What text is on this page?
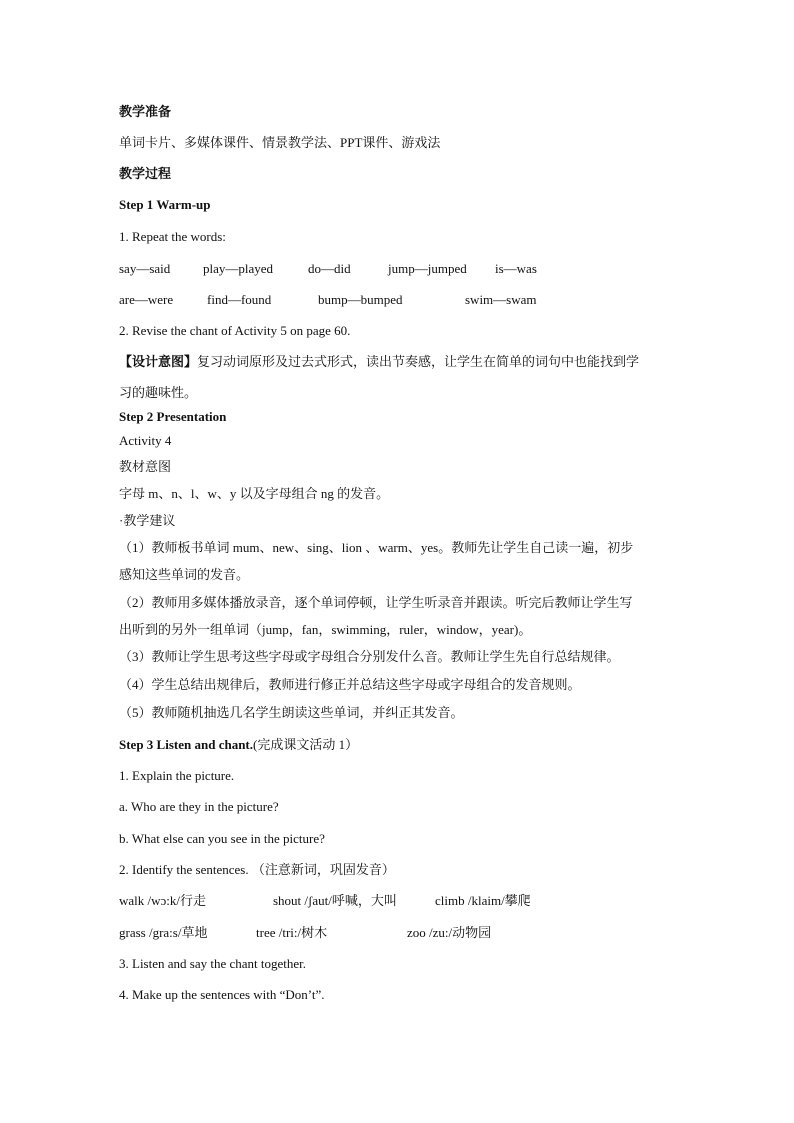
教学准备
单词卡片、多媒体课件、情景教学法、PPT课件、游戏法
教学过程
Step 1 Warm-up
1. Repeat the words:
say—said	play—played	do—did	jump—jumped is—was
are—were	find—found	bump—bumped	swim—swam
2. Revise the chant of Activity 5 on page 60.
【设计意图】复习动词原形及过去式形式，读出节奏感，让学生在简单的词句中也能找到学
习的趣味性。
Step 2 Presentation
Activity 4
教材意图
字母 m、n、l、w、y 以及字母组合 ng 的发音。
·教学建议
（1）教师板书单词 mum、new、sing、lion 、warm、yes。教师先让学生自己读一遍，初步
感知这些单词的发音。
（2）教师用多媒体播放录音，逐个单词停顿，让学生听录音并跟读。听完后教师让学生写
出听到的另外一组单词（jump，fan，swimming，ruler，window，year)。
（3）教师让学生思考这些字母或字母组合分别发什么音。教师让学生先自行总结规律。
（4）学生总结出规律后，教师进行修正并总结这些字母或字母组合的发音规则。
（5）教师随机抽选几名学生朗读这些单词，并纠正其发音。
Step 3 Listen and chant.(完成课文活动 1）
1. Explain the picture.
a. Who are they in the picture?
b. What else can you see in the picture?
2. Identify the sentences. （注意新词，巩固发音）
walk /wɔ:k/行走	shout /ʃaut/呼喊，大叫	climb /klaim/攀爬
grass /gra:s/草地	tree /tri:/树木	zoo /zu:/动物园
3. Listen and say the chant together.
4. Make up the sentences with “Don’t”.
